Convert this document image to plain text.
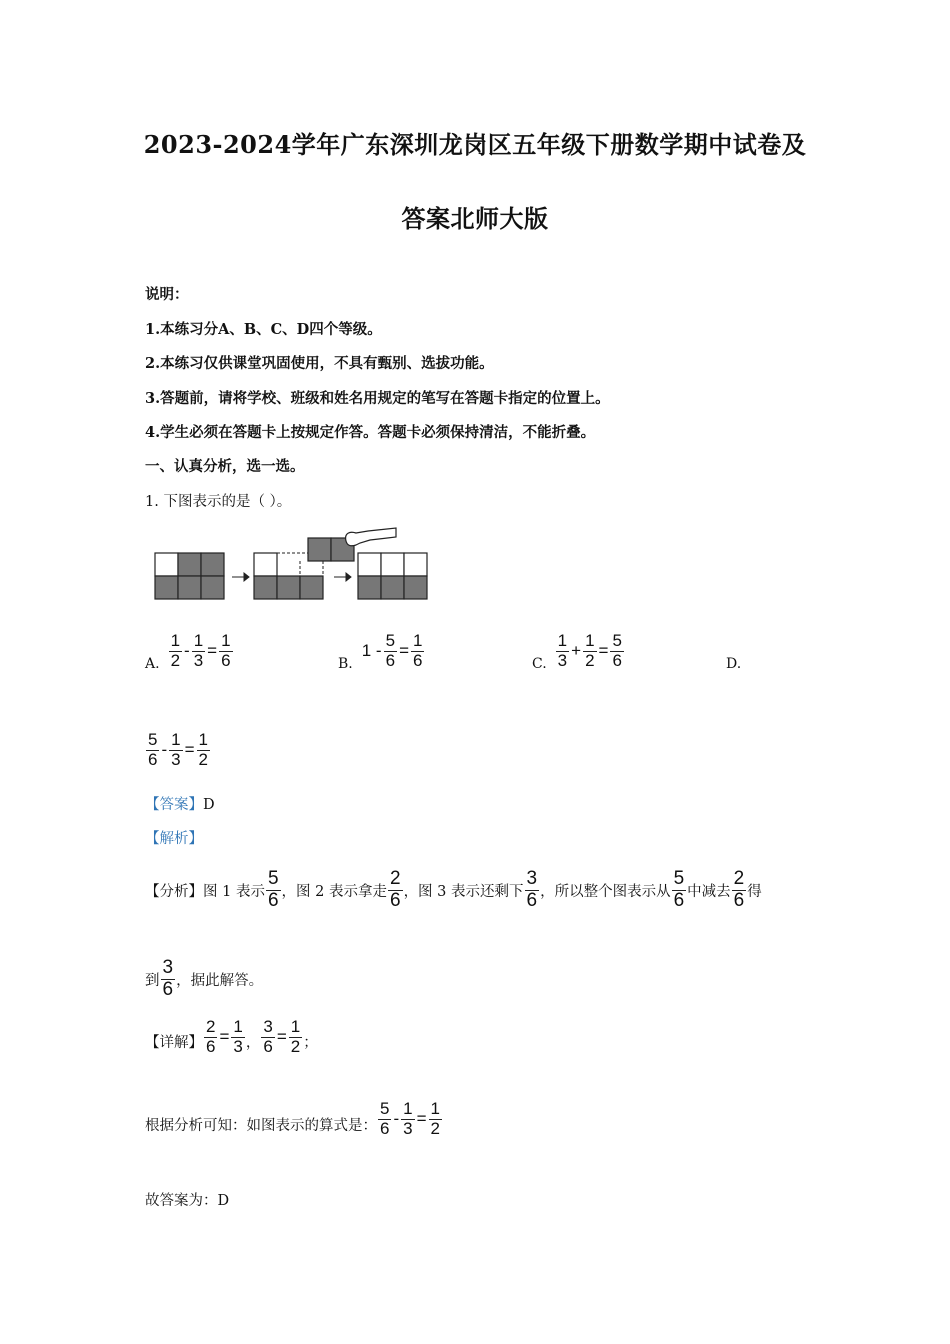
2023-2024学年广东深圳龙岗区五年级下册数学期中试卷及
答案北师大版
说明：
1.本练习分A、B、C、D四个等级。
2.本练习仅供课堂巩固使用，不具有甄别、选拔功能。
3.答题前，请将学校、班级和姓名用规定的笔写在答题卡指定的位置上。
4.学生必须在答题卡上按规定作答。答题卡必须保持清洁，不能折叠。
一、认真分析，选一选。
1. 下图表示的是（ ）。
A. $\frac{1}{2} - \frac{1}{3} = \frac{1}{6}$	B.
$1 - \frac{5}{6} = \frac{1}{6}$	C. $\frac{1}{3} + \frac{1}{2} = \frac{5}{6}$	D.
$\frac{5}{6} - \frac{1}{3} = \frac{1}{2}$
【答案】D
【解析】
【分析】 图 1 表示 $\frac{5}{6}$ ，图 2 表示拿走 $\frac{2}{6}$ ，图 3 表示还剩下 $\frac{3}{6}$ ，所以整个图表示从 $\frac{5}{6}$ 中减去 $\frac{2}{6}$ 得
到 $\frac{3}{6}$ ，据此解答。
【详解】 $\frac{2}{6} = \frac{1}{3}$ ， $\frac{3}{6} = \frac{1}{2}$ ；
根据分析可知：如图表示的算式是： $\frac{5}{6} - \frac{1}{3} = \frac{1}{2}$
故答案为：D
